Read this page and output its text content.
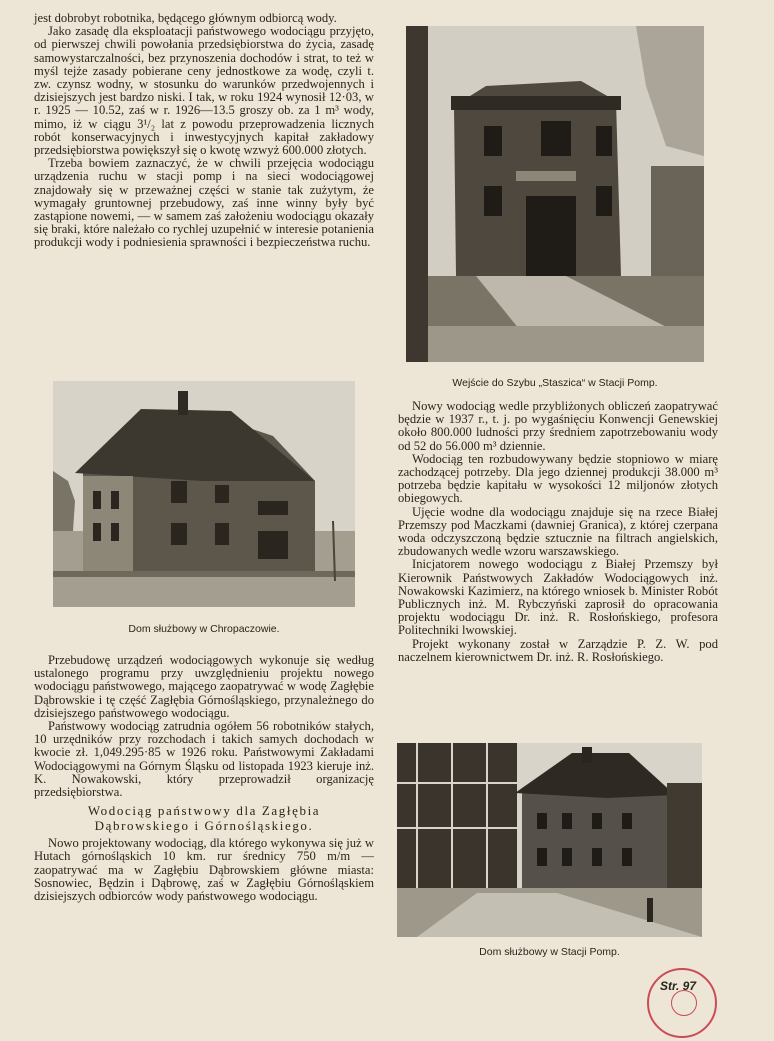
jest dobrobyt robotnika, będącego głównym odbiorcą wody.

Jako zasadę dla eksploatacji państwowego wodociągu przyjęto, od pierwszej chwili powołania przedsiębiorstwa do życia, zasadę samowystarczalności, bez przynoszenia dochodów i strat, to też w myśl tejże zasady pobierane ceny jednostkowe za wodę, czyli t. zw. czynsz wodny, w stosunku do warunków przedwojennych i dzisiejszych jest bardzo niski. I tak, w roku 1924 wynosił 12·03, w r. 1925 — 10.52, zaś w r. 1926—13.5 groszy ob. za 1 m³ wody, mimo, iż w ciągu 3¹/₂ lat z powodu przeprowadzenia licznych robót konserwacyjnych i inwestycyjnych kapitał zakładowy przedsiębiorstwa powiększył się o kwotę wzwyż 600.000 złotych.

Trzeba bowiem zaznaczyć, że w chwili przejęcia wodociągu urządzenia ruchu w stacji pomp i na sieci wodociągowej znajdowały się w przeważnej części w stanie tak zużytym, że wymagały gruntownej przebudowy, zaś inne winny były być zastąpione nowemi, — w samem zaś założeniu wodociągu okazały się braki, które należało co rychlej uzupełnić w interesie potanienia produkcji wody i podniesienia sprawności i bezpieczeństwa ruchu.

Dom służbowy w Chropaczowie.

Przebudowę urządzeń wodociągowych wykonuje się według ustalonego programu przy uwzględnieniu projektu nowego wodociągu państwowego, mającego zaopatrywać w wodę Zagłębie Dąbrowskie i tę część Zagłębia Górnośląskiego, przynależnego do dzisiejszego państwowego wodociągu.

Państwowy wodociąg zatrudnia ogółem 56 robotników stałych, 10 urzędników przy rozchodach i takich samych dochodach w kwocie zł. 1,049.295·85 w 1926 roku. Państwowymi Zakładami Wodociągowymi na Górnym Śląsku od listopada 1923 kieruje inż. K. Nowakowski, który przeprowadził organizację przedsiębiorstwa.

Wodociąg państwowy dla Zagłębia
Dąbrowskiego i Górnośląskiego.

Nowo projektowany wodociąg, dla którego wykonywa się już w Hutach górnośląskich 10 km. rur średnicy 750 m/m — zaopatrywać ma w Zagłębiu Dąbrowskiem główne miasta: Sosnowiec, Będzin i Dąbrowę, zaś w Zagłębiu Górnośląskiem dzisiejszych odbiorców wody państwowego wodociągu.

Wejście do Szybu „Staszica“ w Stacji Pomp.

Nowy wodociąg wedle przybliżonych obliczeń zaopatrywać będzie w 1937 r., t. j. po wygaśnięciu Konwencji Genewskiej około 800.000 ludności przy średniem zapotrzebowaniu wody od 52 do 56.000 m³ dziennie.

Wodociąg ten rozbudowywany będzie stopniowo w miarę zachodzącej potrzeby. Dla jego dziennej produkcji 38.000 m³ potrzeba będzie kapitału w wysokości 12 miljonów złotych obiegowych.

Ujęcie wodne dla wodociągu znajduje się na rzece Białej Przemszy pod Maczkami (dawniej Granica), z której czerpana woda odczyszczoną będzie sztucznie na filtrach angielskich, zbudowanych wedle wzoru warszawskiego.

Inicjatorem nowego wodociągu z Białej Przemszy był Kierownik Państwowych Zakładów Wodociągowych inż. Nowakowski Kazimierz, na którego wniosek b. Minister Robót Publicznych inż. M. Rybczyński zaprosił do opracowania projektu wodociągu Dr. inż. R. Rosłońskiego, profesora Politechniki lwowskiej.

Projekt wykonany został w Zarządzie P. Z. W. pod naczelnem kierownictwem Dr. inż. R. Rosłońskiego.

Dom służbowy w Stacji Pomp.
Str. 97
